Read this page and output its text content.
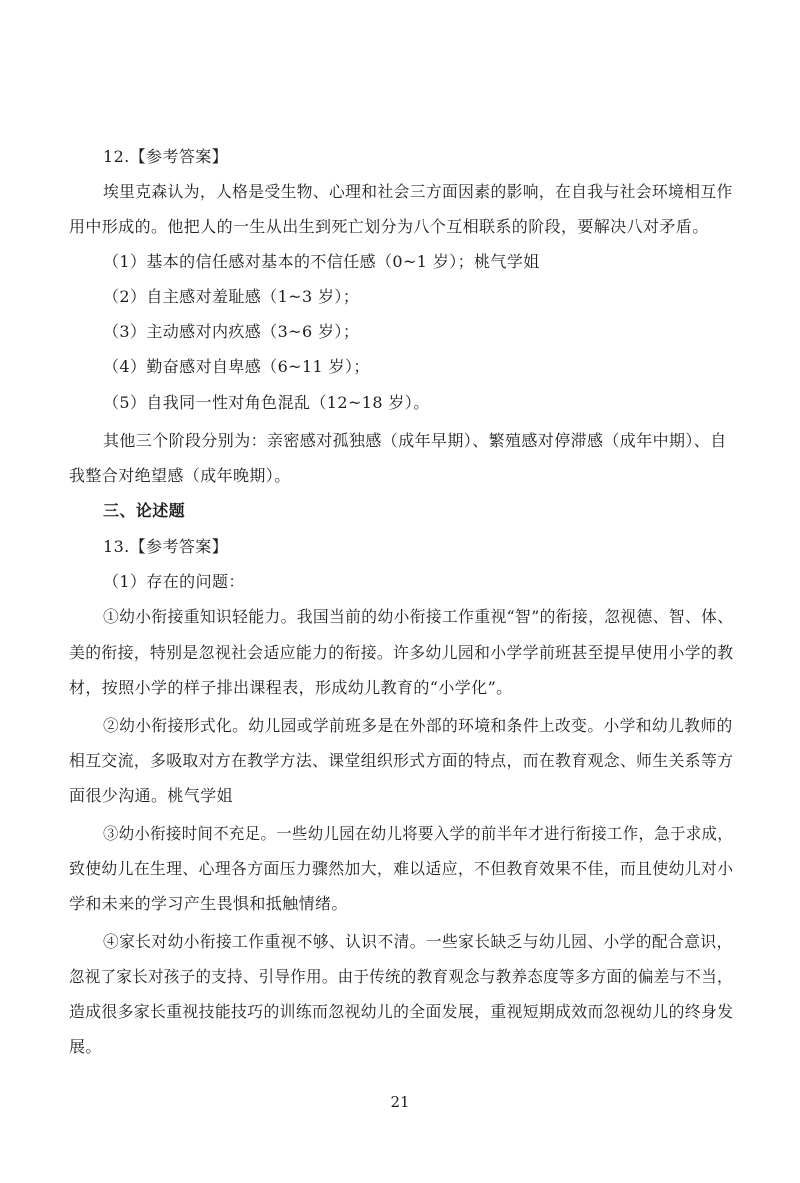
12.【参考答案】
埃里克森认为，人格是受生物、心理和社会三方面因素的影响，在自我与社会环境相互作
用中形成的。他把人的一生从出生到死亡划分为八个互相联系的阶段，要解决八对矛盾。
（1）基本的信任感对基本的不信任感（0~1 岁）；桃气学姐
（2）自主感对羞耻感（1~3 岁）；
（3）主动感对内疚感（3~6 岁）；
（4）勤奋感对自卑感（6~11 岁）；
（5）自我同一性对角色混乱（12~18 岁）。
其他三个阶段分别为：亲密感对孤独感（成年早期）、繁殖感对停滞感（成年中期）、自
我整合对绝望感（成年晚期）。
三、论述题
13.【参考答案】
（1）存在的问题：
①幼小衔接重知识轻能力。我国当前的幼小衔接工作重视“智”的衔接，忽视德、智、体、
美的衔接，特别是忽视社会适应能力的衔接。许多幼儿园和小学学前班甚至提早使用小学的教
材，按照小学的样子排出课程表，形成幼儿教育的“小学化”。
②幼小衔接形式化。幼儿园或学前班多是在外部的环境和条件上改变。小学和幼儿教师的
相互交流，多吸取对方在教学方法、课堂组织形式方面的特点，而在教育观念、师生关系等方
面很少沟通。桃气学姐
③幼小衔接时间不充足。一些幼儿园在幼儿将要入学的前半年才进行衔接工作，急于求成，
致使幼儿在生理、心理各方面压力骤然加大，难以适应，不但教育效果不佳，而且使幼儿对小
学和未来的学习产生畏惧和抵触情绪。
④家长对幼小衔接工作重视不够、认识不清。一些家长缺乏与幼儿园、小学的配合意识，
忽视了家长对孩子的支持、引导作用。由于传统的教育观念与教养态度等多方面的偏差与不当，
造成很多家长重视技能技巧的训练而忽视幼儿的全面发展，重视短期成效而忽视幼儿的终身发
展。
21
